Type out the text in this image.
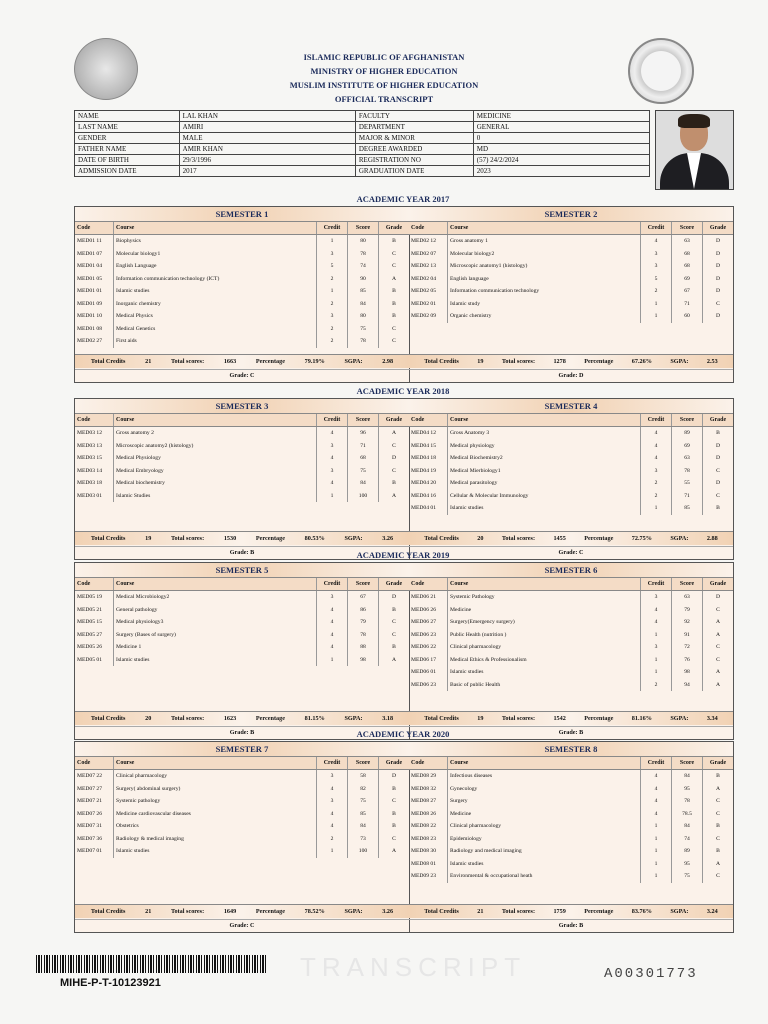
ISLAMIC REPUBLIC OF AFGHANISTAN
MINISTRY OF HIGHER EDUCATION
MUSLIM INSTITUTE OF HIGHER EDUCATION
OFFICIAL TRANSCRIPT
NAME	LAL KHAN	FACULTY	MEDICINE
LAST NAME	AMIRI	DEPARTMENT	GENERAL
GENDER	MALE	MAJOR & MINOR	0
FATHER NAME	AMIR KHAN	DEGREE AWARDED	MD
DATE OF BIRTH	29/3/1996	REGISTRATION NO	(57) 24/2/2024
ADMISSION DATE	2017	GRADUATION DATE	2023
ACADEMIC YEAR 2017
SEMESTER 1
Code	Course	Credit	Score	Grade
MED01 11	Biophysics	1	80	B
MED01 07	Molecular biology1	3	78	C
MED01 04	English Language	5	74	C
MED01 05	Information communication technology (ICT)	2	90	A
MED01 01	Islamic studies	1	85	B
MED01 09	Inorganic chemistry	2	84	B
MED01 10	Medical Physics	3	80	B
MED01 08	Medical Genetics	2	75	C
MED02 27	First aids	2	78	C
Total Credits	21	Total scores:	1663	Percentage	79.19%	SGPA:	2.98
Grade: C
SEMESTER 2
Code	Course	Credit	Score	Grade
MED02 12	Gross anatomy 1	4	63	D
MED02 07	Molecular biology2	3	68	D
MED02 13	Microscopic anatomy1 (histology)	3	68	D
MED02 04	English language	5	69	D
MED02 05	Information communication technology	2	67	D
MED02 01	Islamic study	1	71	C
MED02 09	Organic chemistry	1	60	D
Total Credits	19	Total scores:	1278	Percentage	67.26%	SGPA:	2.53
Grade: D
ACADEMIC YEAR 2018
SEMESTER 3
Code	Course	Credit	Score	Grade
MED03 12	Gross anatomy 2	4	96	A
MED03 13	Microscopic anatomy2 (histology)	3	71	C
MED03 15	Medical Physiology	4	68	D
MED03 14	Medical Embryology	3	75	C
MED03 18	Medical biochemistry	4	84	B
MED03 01	Islamic Studies	1	100	A
Total Credits	19	Total scores:	1530	Percentage	80.53%	SGPA:	3.26
Grade: B
SEMESTER 4
Code	Course	Credit	Score	Grade
MED04 12	Gross Anatomy 3	4	89	B
MED04 15	Medical physiology	4	69	D
MED04 18	Medical Biochemistry2	4	63	D
MED04 19	Medical Mierbiology1	3	78	C
MED04 20	Medical parasitology	2	55	D
MED04 16	Cellular & Molecular Immunology	2	71	C
MED04 01	Islamic studies	1	85	B
Total Credits	20	Total scores:	1455	Percentage	72.75%	SGPA:	2.88
Grade: C
ACADEMIC YEAR 2019
SEMESTER 5
Code	Course	Credit	Score	Grade
MED05 19	Medical Microbiology2	3	67	D
MED05 21	General pathology	4	86	B
MED05 15	Medical physiology3	4	79	C
MED05 27	Surgery (Bases of surgery)	4	78	C
MED05 26	Medicine 1	4	88	B
MED05 01	Islamic studies	1	98	A
Total Credits	20	Total scores:	1623	Percentage	81.15%	SGPA:	3.18
Grade: B
SEMESTER 6
Code	Course	Credit	Score	Grade
MED06 21	Systemic Pathology	3	63	D
MED06 26	Medicine	4	79	C
MED06 27	Surgery(Emergency surgery)	4	92	A
MED06 23	Public Health (nutrition )	1	91	A
MED06 22	Clinical pharmacology	3	72	C
MED06 17	Medical Ethics & Professionalism	1	76	C
MED06 01	Islamic studies	1	98	A
MED06 23	Basic of public Health	2	94	A
Total Credits	19	Total scores:	1542	Percentage	81.16%	SGPA:	3.34
Grade: B
ACADEMIC YEAR 2020
SEMESTER 7
Code	Course	Credit	Score	Grade
MED07 22	Clinical pharmacology	3	58	D
MED07 27	Surgery( abdominal surgery)	4	82	B
MED07 21	Systemic pathology	3	75	C
MED07 26	Medicine cardiovascular diseases	4	85	B
MED07 31	Obstetrics	4	84	B
MED07 36	Radiology & medical imaging	2	73	C
MED07 01	Islamic studies	1	100	A
Total Credits	21	Total scores:	1649	Percentage	78.52%	SGPA:	3.26
Grade: C
SEMESTER 8
Code	Course	Credit	Score	Grade
MED08 29	Infectious diseases	4	84	B
MED08 32	Gynecology	4	95	A
MED08 27	Surgery	4	78	C
MED08 26	Medicine	4	78.5	C
MED08 22	Clinical pharmacology	1	84	B
MED08 23	Epidemiology	1	74	C
MED08 30	Radiology and medical imaging	1	89	B
MED08 01	Islamic studies	1	95	A
MED09 23	Environmental & occupational heath	1	75	C
Total Credits	21	Total scores:	1759	Percentage	83.76%	SGPA:	3.24
Grade: B
TRANSCRIPT
MIHE-P-T-10123921
A00301773
